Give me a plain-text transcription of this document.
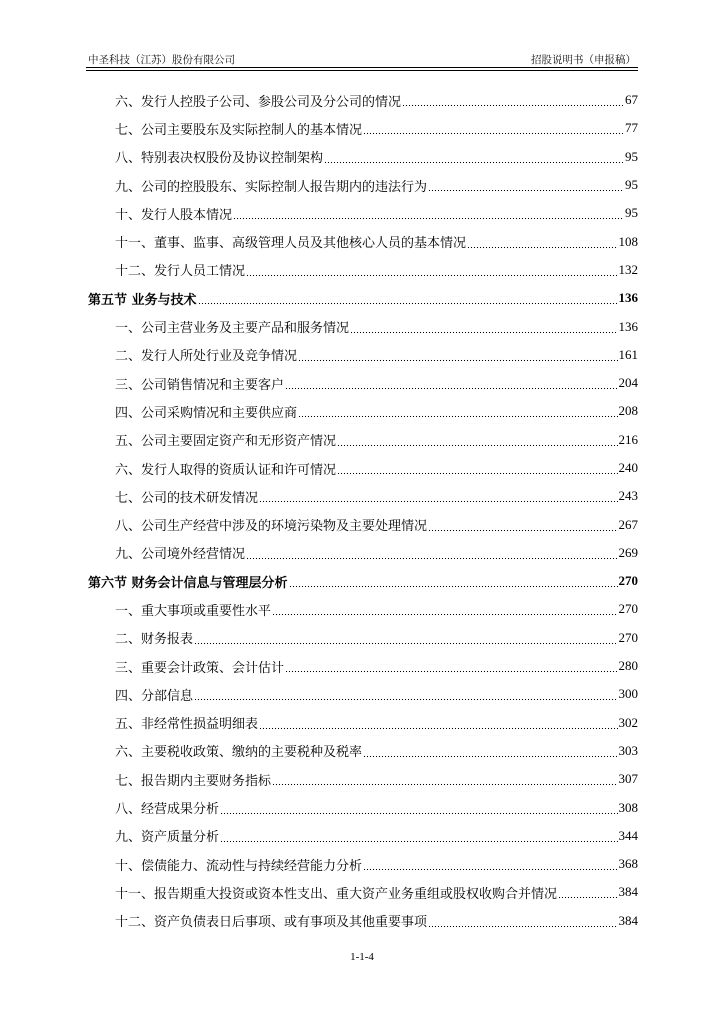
中圣科技（江苏）股份有限公司	招股说明书（申报稿）
六、发行人控股子公司、参股公司及分公司的情况	67
七、公司主要股东及实际控制人的基本情况	77
八、特别表决权股份及协议控制架构	95
九、公司的控股股东、实际控制人报告期内的违法行为	95
十、发行人股本情况	95
十一、董事、监事、高级管理人员及其他核心人员的基本情况	108
十二、发行人员工情况	132
第五节 业务与技术	136
一、公司主营业务及主要产品和服务情况	136
二、发行人所处行业及竞争情况	161
三、公司销售情况和主要客户	204
四、公司采购情况和主要供应商	208
五、公司主要固定资产和无形资产情况	216
六、发行人取得的资质认证和许可情况	240
七、公司的技术研发情况	243
八、公司生产经营中涉及的环境污染物及主要处理情况	267
九、公司境外经营情况	269
第六节 财务会计信息与管理层分析	270
一、重大事项或重要性水平	270
二、财务报表	270
三、重要会计政策、会计估计	280
四、分部信息	300
五、非经常性损益明细表	302
六、主要税收政策、缴纳的主要税种及税率	303
七、报告期内主要财务指标	307
八、经营成果分析	308
九、资产质量分析	344
十、偿债能力、流动性与持续经营能力分析	368
十一、报告期重大投资或资本性支出、重大资产业务重组或股权收购合并情况	384
十二、资产负债表日后事项、或有事项及其他重要事项	384
1-1-4
